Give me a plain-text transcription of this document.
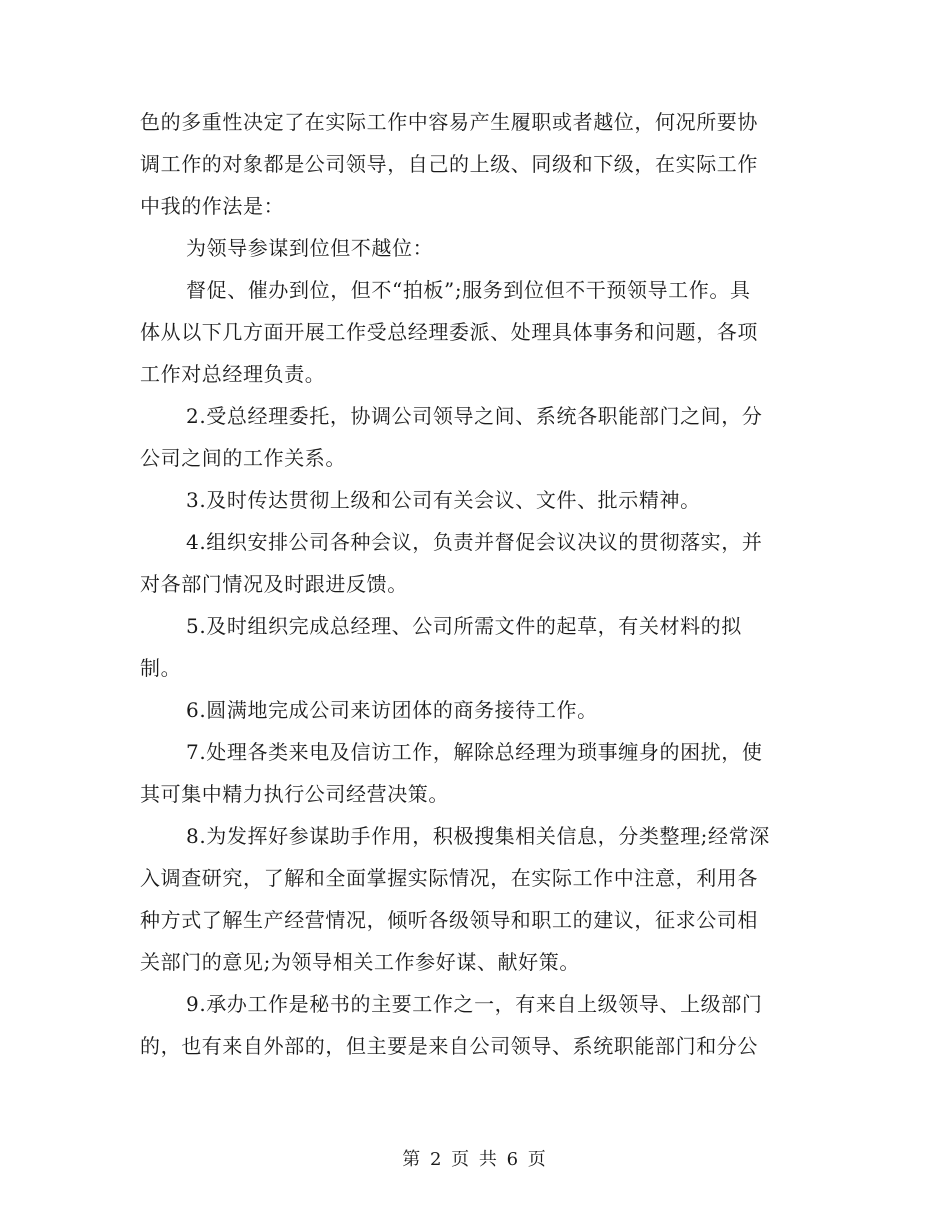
色的多重性决定了在实际工作中容易产生履职或者越位，何况所要协
调工作的对象都是公司领导，自己的上级、同级和下级，在实际工作
中我的作法是：
为领导参谋到位但不越位：
督促、催办到位，但不“拍板”;服务到位但不干预领导工作。具
体从以下几方面开展工作受总经理委派、处理具体事务和问题，各项
工作对总经理负责。
2.受总经理委托，协调公司领导之间、系统各职能部门之间，分
公司之间的工作关系。
3.及时传达贯彻上级和公司有关会议、文件、批示精神。
4.组织安排公司各种会议，负责并督促会议决议的贯彻落实，并
对各部门情况及时跟进反馈。
5.及时组织完成总经理、公司所需文件的起草，有关材料的拟
制。
6.圆满地完成公司来访团体的商务接待工作。
7.处理各类来电及信访工作，解除总经理为琐事缠身的困扰，使
其可集中精力执行公司经营决策。
8.为发挥好参谋助手作用，积极搜集相关信息，分类整理;经常深
入调查研究，了解和全面掌握实际情况，在实际工作中注意，利用各
种方式了解生产经营情况，倾听各级领导和职工的建议，征求公司相
关部门的意见;为领导相关工作参好谋、献好策。
9.承办工作是秘书的主要工作之一，有来自上级领导、上级部门
的，也有来自外部的，但主要是来自公司领导、系统职能部门和分公
第 2 页 共 6 页
